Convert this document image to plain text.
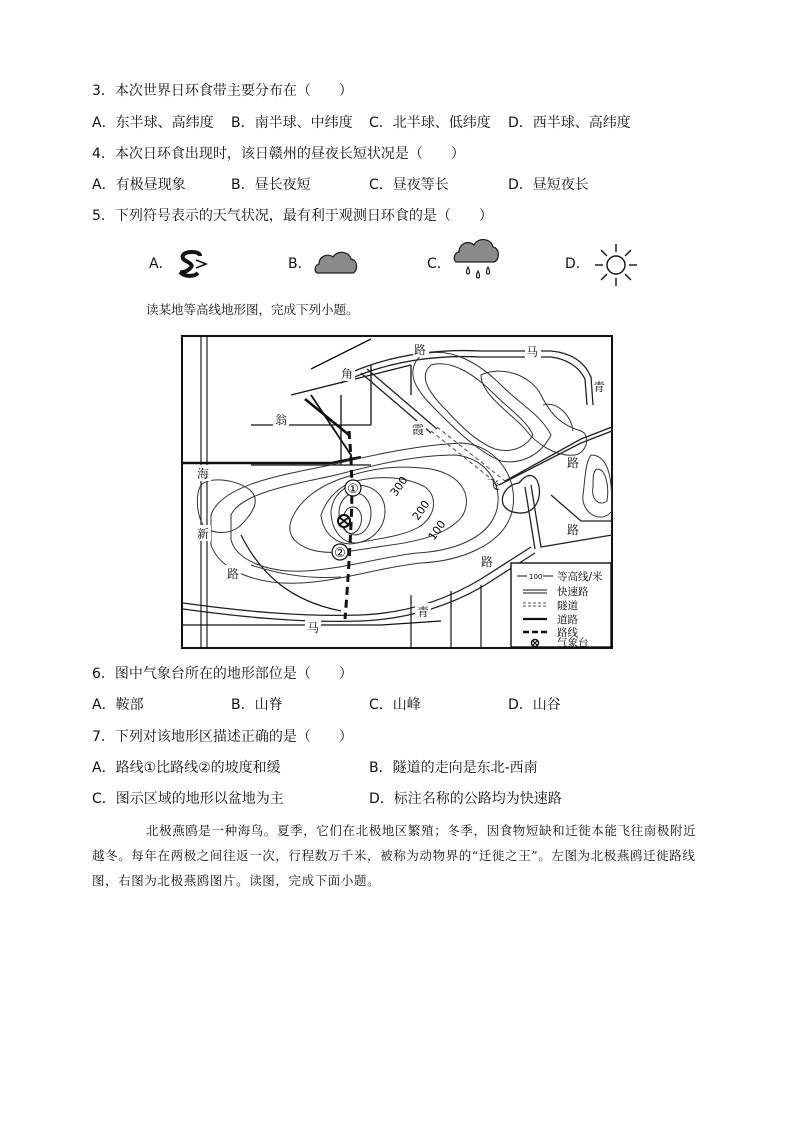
3．本次世界日环食带主要分布在（　　）
A．东半球、高纬度 B．南半球、中纬度 C．北半球、低纬度 D．西半球、高纬度
4．本次日环食出现时，该日赣州的昼夜长短状况是（　　）
A．有极昼现象	B．昼长夜短	C．昼夜等长	D．昼短夜长
5．下列符号表示的天气状况，最有利于观测日环食的是（　　）
A．	B．	C．	D．
读某地等高线地形图，完成下列小题。
①
②
300
200
100
路	马
青
角
翁
霞
路
海
飞
新	路
路
路
青
马
100 等高线/米
快速路
隧道
道路
路线
气象台
6．图中气象台所在的地形部位是（　　）
A．鞍部	B．山脊	C．山峰	D．山谷
7．下列对该地形区描述正确的是（　　）
A．路线①比路线②的坡度和缓	B．隧道的走向是东北-西南
C．图示区域的地形以盆地为主	D．标注名称的公路均为快速路
北极燕鸥是一种海鸟。夏季，它们在北极地区繁殖；冬季，因食物短缺和迁徙本能飞往南极附近越冬。每年在两极之间往返一次，行程数万千米，被称为动物界的“迁徙之王”。左图为北极燕鸥迁徙路线图，右图为北极燕鸥图片。读图，完成下面小题。
